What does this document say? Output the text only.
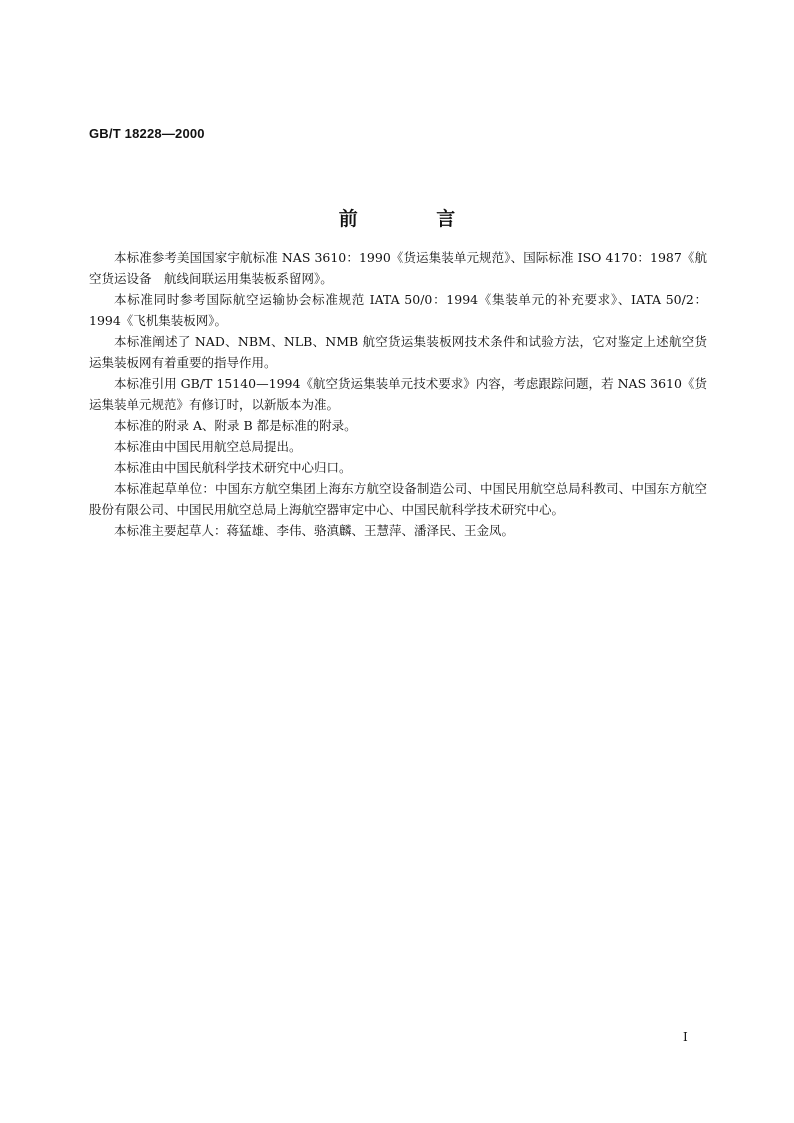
GB/T 18228—2000
前 言

本标准参考美国国家宇航标准 NAS 3610：1990《货运集装单元规范》、国际标准 ISO 4170：1987《航空货运设备　航线间联运用集装板系留网》。

本标准同时参考国际航空运输协会标准规范 IATA 50/0：1994《集装单元的补充要求》、IATA 50/2：1994《飞机集装板网》。

本标准阐述了 NAD、NBM、NLB、NMB 航空货运集装板网技术条件和试验方法，它对鉴定上述航空货运集装板网有着重要的指导作用。

本标准引用 GB/T 15140—1994《航空货运集装单元技术要求》内容，考虑跟踪问题，若 NAS 3610《货运集装单元规范》有修订时，以新版本为准。

本标准的附录 A、附录 B 都是标准的附录。

本标准由中国民用航空总局提出。

本标准由中国民航科学技术研究中心归口。

本标准起草单位：中国东方航空集团上海东方航空设备制造公司、中国民用航空总局科教司、中国东方航空股份有限公司、中国民用航空总局上海航空器审定中心、中国民航科学技术研究中心。

本标准主要起草人：蒋猛雄、李伟、骆滇麟、王慧萍、潘泽民、王金凤。

I
